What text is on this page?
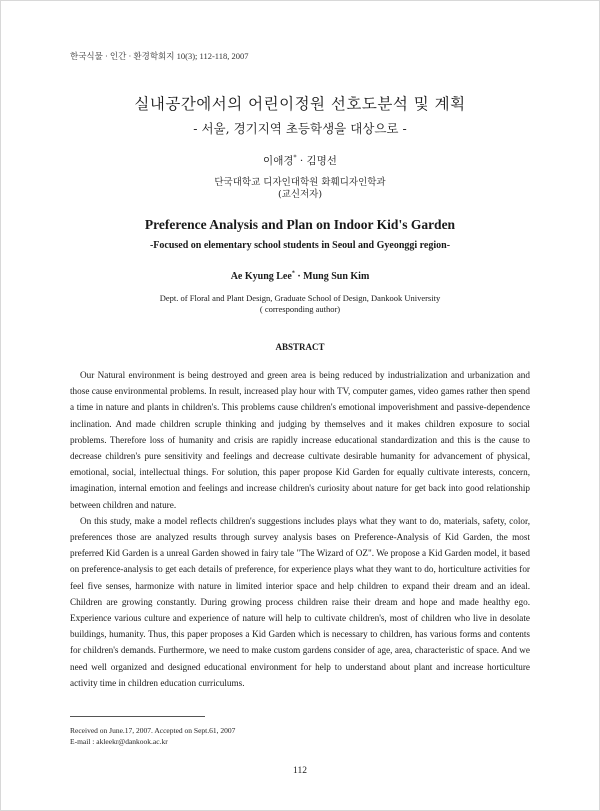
한국식물 · 인간 · 환경학회지 10(3); 112-118, 2007
실내공간에서의 어린이정원 선호도분석 및 계획
- 서울, 경기지역 초등학생을 대상으로 -
이애경* · 김명선
단국대학교 디자인대학원 화훼디자인학과
(교신저자)
Preference Analysis and Plan on Indoor Kid's Garden
-Focused on elementary school students in Seoul and Gyeonggi region-
Ae Kyung Lee* · Mung Sun Kim
Dept. of Floral and Plant Design, Graduate School of Design, Dankook University
( corresponding author)
ABSTRACT

Our Natural environment is being destroyed and green area is being reduced by industrialization and urbanization and those cause environmental problems. In result, increased play hour with TV, computer games, video games rather then spend a time in nature and plants in children's. This problems cause children's emotional impoverishment and passive-dependence inclination. And made children scruple thinking and judging by themselves and it makes children exposure to social problems. Therefore loss of humanity and crisis are rapidly increase educational standardization and this is the cause to decrease children's pure sensitivity and feelings and decrease cultivate desirable humanity for advancement of physical, emotional, social, intellectual things. For solution, this paper propose Kid Garden for equally cultivate interests, concern, imagination, internal emotion and feelings and increase children's curiosity about nature for get back into good relationship between children and nature.

On this study, make a model reflects children's suggestions includes plays what they want to do, materials, safety, color, preferences those are analyzed results through survey analysis bases on Preference-Analysis of Kid Garden, the most preferred Kid Garden is a unreal Garden showed in fairy tale "The Wizard of OZ". We propose a Kid Garden model, it based on preference-analysis to get each details of preference, for experience plays what they want to do, horticulture activities for feel five senses, harmonize with nature in limited interior space and help children to expand their dream and an ideal. Children are growing constantly. During growing process children raise their dream and hope and made healthy ego. Experience various culture and experience of nature will help to cultivate children's, most of children who live in desolate buildings, humanity. Thus, this paper proposes a Kid Garden which is necessary to children, has various forms and contents for children's demands. Furthermore, we need to make custom gardens consider of age, area, characteristic of space. And we need well organized and designed educational environment for help to understand about plant and increase horticulture activity time in children education curriculums.

Received on June.17, 2007. Accepted on Sept.61, 2007
E-mail : akleekr@dankook.ac.kr
112
